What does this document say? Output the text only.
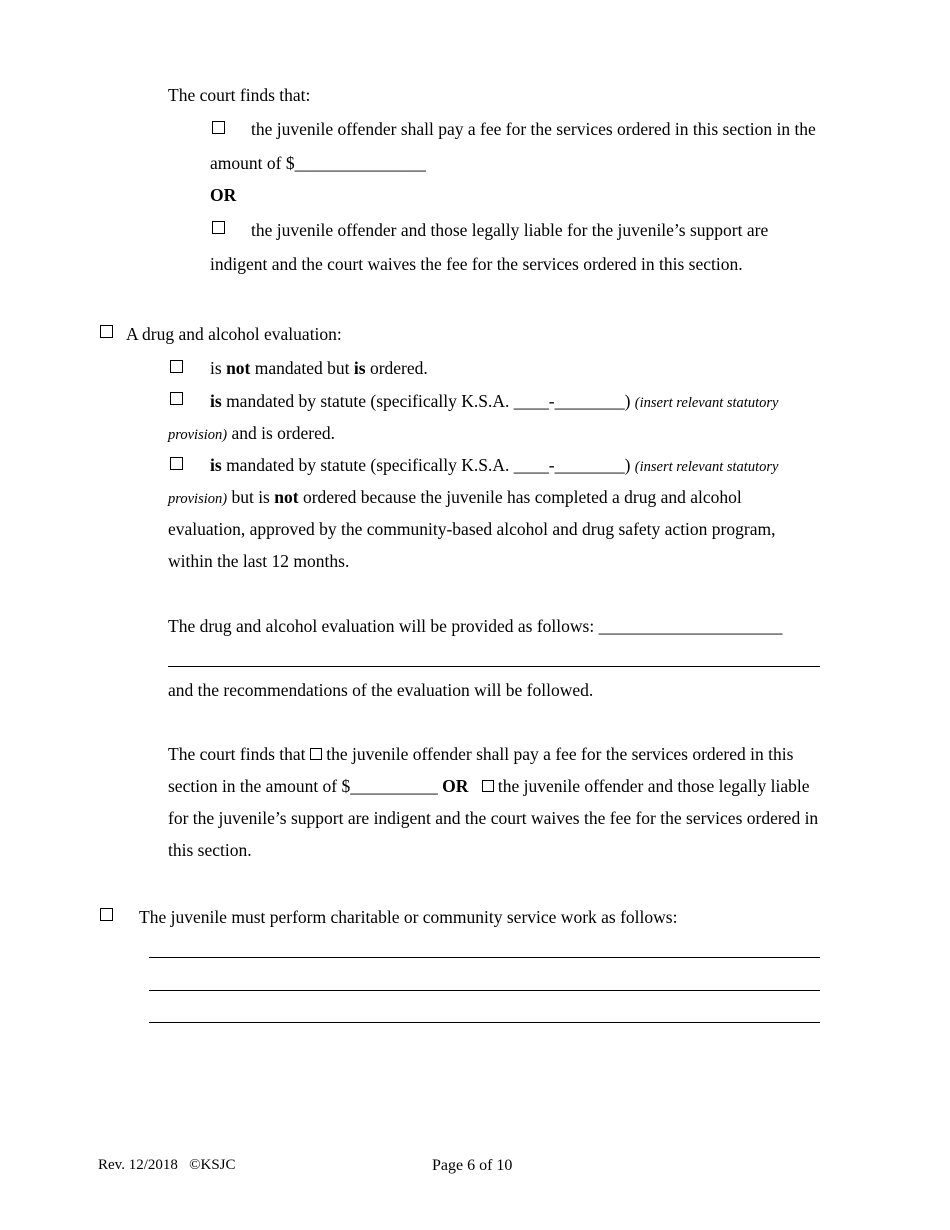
The court finds that:
the juvenile offender shall pay a fee for the services ordered in this section in the
amount of $_______________
OR
the juvenile offender and those legally liable for the juvenile’s support are
indigent and the court waives the fee for the services ordered in this section.
A drug and alcohol evaluation:
is not mandated but is ordered.
is mandated by statute (specifically K.S.A. ____-________) (insert relevant statutory
provision) and is ordered.
is mandated by statute (specifically K.S.A. ____-________) (insert relevant statutory
provision) but is not ordered because the juvenile has completed a drug and alcohol
evaluation, approved by the community-based alcohol and drug safety action program,
within the last 12 months.
The drug and alcohol evaluation will be provided as follows: _____________________
and the recommendations of the evaluation will be followed.
The court finds that the juvenile offender shall pay a fee for the services ordered in this
section in the amount of $__________ OR the juvenile offender and those legally liable
for the juvenile’s support are indigent and the court waives the fee for the services ordered in
this section.
The juvenile must perform charitable or community service work as follows:
Rev. 12/2018 ©KSJC	Page 6 of 10
